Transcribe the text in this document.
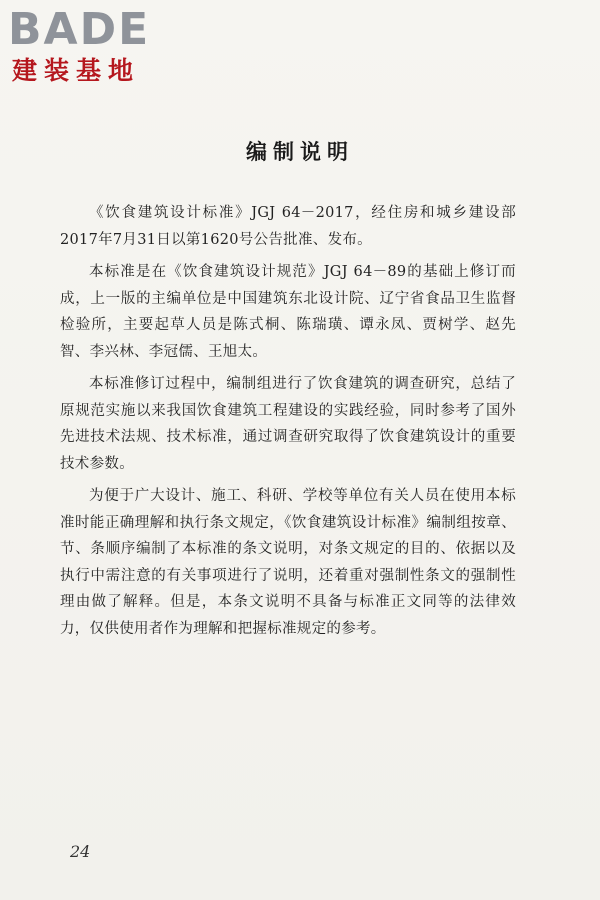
BADE
建装基地
编制说明

《饮食建筑设计标准》JGJ 64－2017，经住房和城乡建设部2017年7月31日以第1620号公告批准、发布。

本标准是在《饮食建筑设计规范》JGJ 64－89的基础上修订而成，上一版的主编单位是中国建筑东北设计院、辽宁省食品卫生监督检验所，主要起草人员是陈式桐、陈瑞璜、谭永凤、贾树学、赵先智、李兴林、李冠儒、王旭太。

本标准修订过程中，编制组进行了饮食建筑的调查研究，总结了原规范实施以来我国饮食建筑工程建设的实践经验，同时参考了国外先进技术法规、技术标准，通过调查研究取得了饮食建筑设计的重要技术参数。

为便于广大设计、施工、科研、学校等单位有关人员在使用本标准时能正确理解和执行条文规定，《饮食建筑设计标准》编制组按章、节、条顺序编制了本标准的条文说明，对条文规定的目的、依据以及执行中需注意的有关事项进行了说明，还着重对强制性条文的强制性理由做了解释。但是，本条文说明不具备与标准正文同等的法律效力，仅供使用者作为理解和把握标准规定的参考。

24
